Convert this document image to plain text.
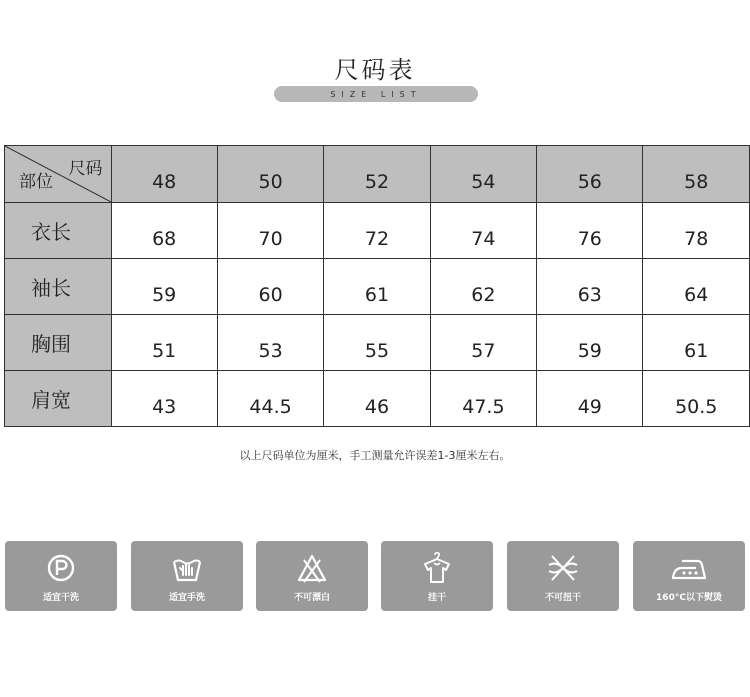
尺码表
SIZE LIST
尺码
部位	48	50	52	54	56	58
衣长	68	70	72	74	76	78
袖长	59	60	61	62	63	64
胸围	51	53	55	57	59	61
肩宽	43	44.5	46	47.5	49	50.5
以上尺码单位为厘米，手工测量允许误差1-3厘米左右。
适宜干洗	适宜手洗	不可漂白	挂干	不可扭干	160°C以下熨烫
